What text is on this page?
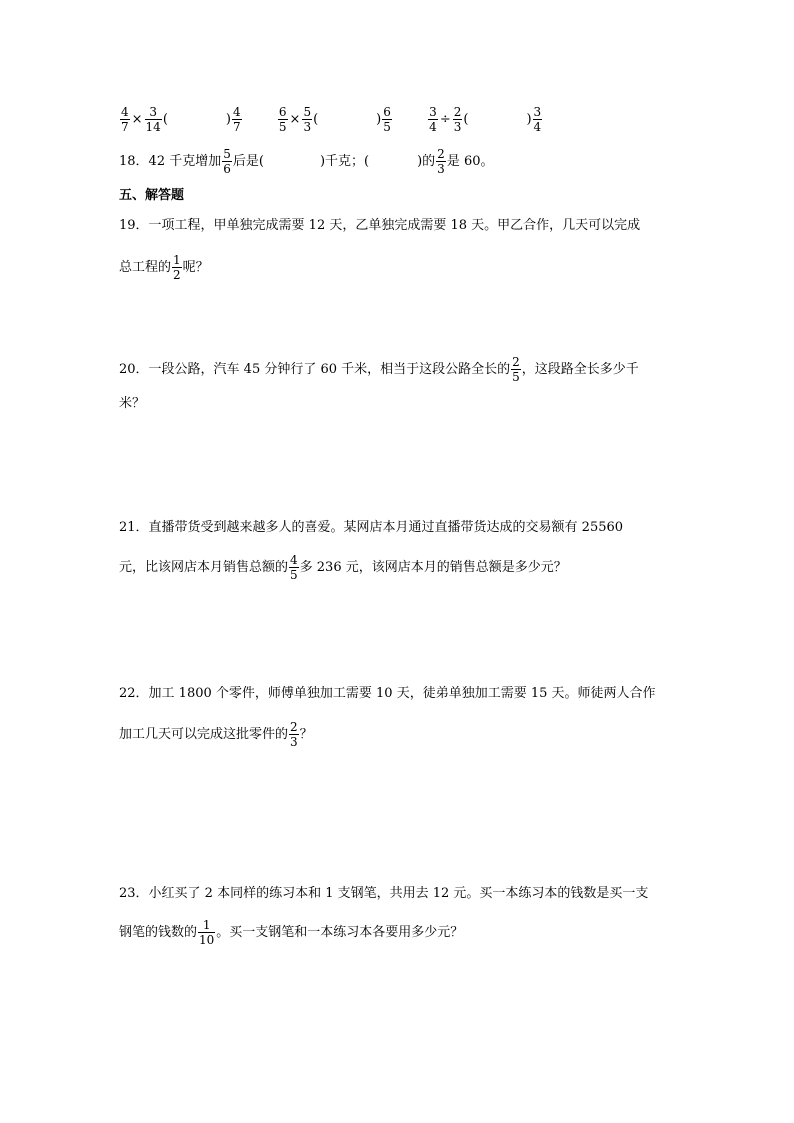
$\frac{4}{7} \times \frac{3}{14}$ (	) $\frac{4}{7}$
	$\frac{6}{5} \times \frac{5}{3}$ (	) $\frac{6}{5}$
	$\frac{3}{4} \div \frac{2}{3}$ (	) $\frac{3}{4}$
18．42 千克增加 $\frac{5}{6}$ 后是(	)千克；(	)的 $\frac{2}{3}$ 是 60。
五、解答题
19．一项工程，甲单独完成需要 12 天，乙单独完成需要 18 天。甲乙合作，几天可以完成
总工程的 $\frac{1}{2}$ 呢？
20．一段公路，汽车 45 分钟行了 60 千米，相当于这段公路全长的 $\frac{2}{5}$ ，这段路全长多少千
米？
21．直播带货受到越来越多人的喜爱。某网店本月通过直播带货达成的交易额有 25560
元，比该网店本月销售总额的 $\frac{4}{5}$ 多 236 元，该网店本月的销售总额是多少元？
22．加工 1800 个零件，师傅单独加工需要 10 天，徒弟单独加工需要 15 天。师徒两人合作
加工几天可以完成这批零件的 $\frac{2}{3}$ ？
23．小红买了 2 本同样的练习本和 1 支钢笔，共用去 12 元。买一本练习本的钱数是买一支
钢笔的钱数的 $\frac{1}{10}$ 。买一支钢笔和一本练习本各要用多少元？
